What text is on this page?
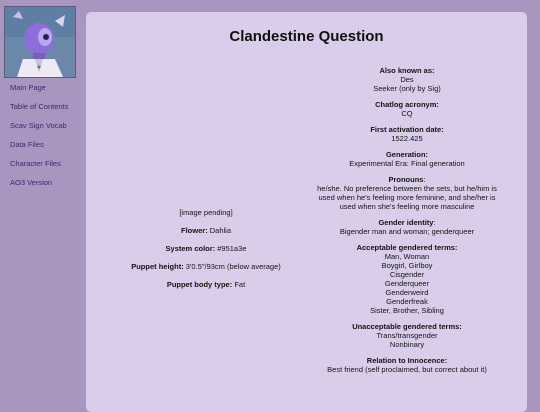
Main Page
Table of Contents
Scav Sign Vocab
Data Files
Character Files
AO3 Version
Clandestine Question
[image pending]
Flower: Dahlia
System color: #951a3e
Puppet height: 3'0.5"/93cm (below average)
Puppet body type: Fat
Also known as:
Des
Seeker (only by Sig)
Chatlog acronym:
CQ
First activation date:
1522.425
Generation:
Experimental Era: Final generation
Pronouns:
he/she. No preference between the sets, but he/him is used when he's feeling more feminine, and she/her is used when she's feeling more masculine
Gender identity:
Bigender man and woman; genderqueer
Acceptable gendered terms:
Man, Woman
Boygirl, Girlboy
Cisgender
Genderqueer
Genderweird
Genderfreak
Sister, Brother, Sibling
Unacceptable gendered terms:
Trans/transgender
Nonbinary
Relation to Innocence:
Best friend (self proclaimed, but correct about it)
